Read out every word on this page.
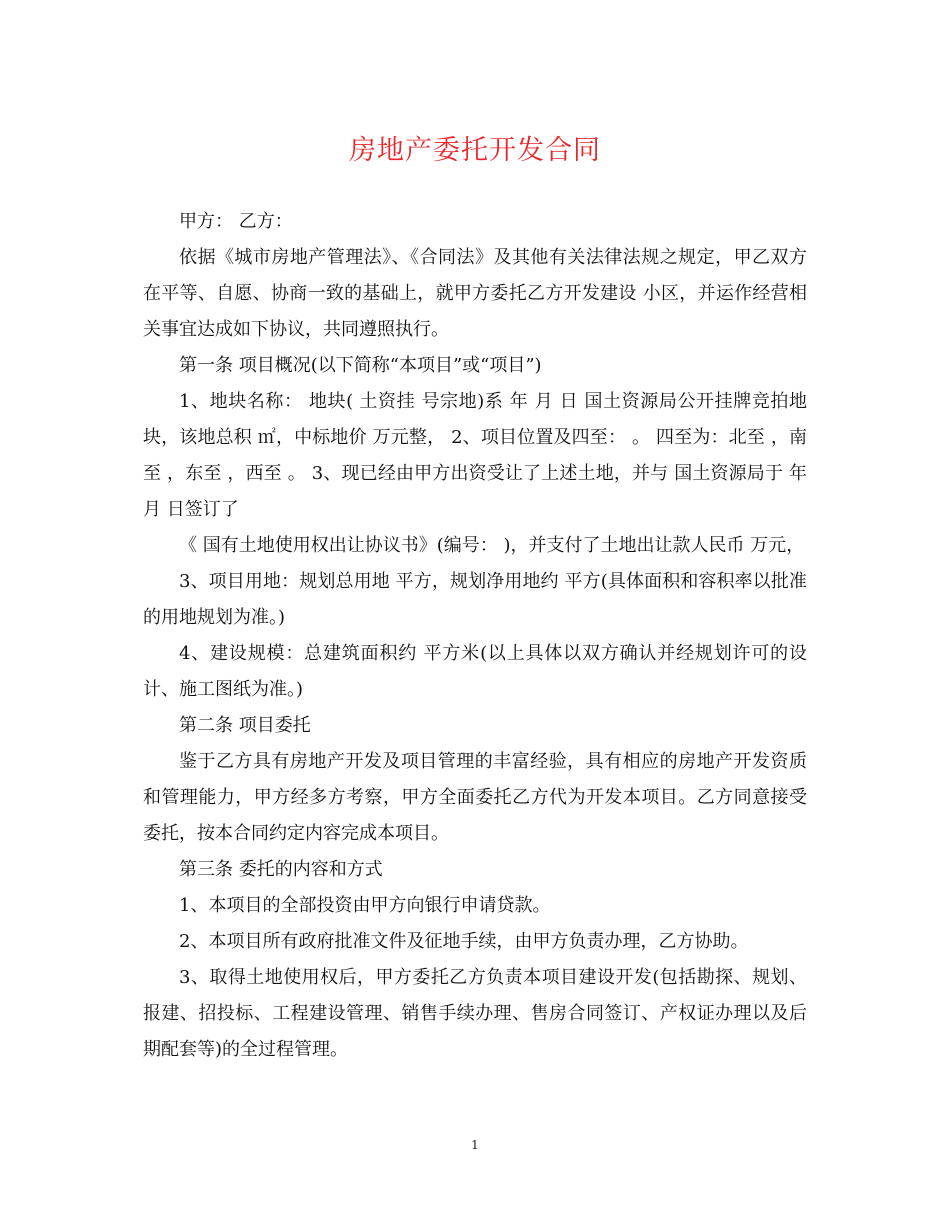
房地产委托开发合同

甲方： 乙方：

依据《城市房地产管理法》、《合同法》及其他有关法律法规之规定，甲乙双方在平等、自愿、协商一致的基础上，就甲方委托乙方开发建设 小区，并运作经营相关事宜达成如下协议，共同遵照执行。

第一条 项目概况(以下简称“本项目”或“项目”)

1、地块名称： 地块( 土资挂 号宗地)系 年 月 日 国土资源局公开挂牌竞拍地块，该地总积 ㎡，中标地价 万元整， 2、项目位置及四至： 。 四至为：北至 ，南至 ，东至 ，西至 。 3、现已经由甲方出资受让了上述土地，并与 国土资源局于 年 月 日签订了

《 国有土地使用权出让协议书》(编号： )，并支付了土地出让款人民币 万元，

3、项目用地：规划总用地 平方，规划净用地约 平方(具体面积和容积率以批准的用地规划为准。)

4、建设规模：总建筑面积约 平方米(以上具体以双方确认并经规划许可的设计、施工图纸为准。)

第二条 项目委托

鉴于乙方具有房地产开发及项目管理的丰富经验，具有相应的房地产开发资质和管理能力，甲方经多方考察，甲方全面委托乙方代为开发本项目。乙方同意接受委托，按本合同约定内容完成本项目。

第三条 委托的内容和方式

1、本项目的全部投资由甲方向银行申请贷款。

2、本项目所有政府批准文件及征地手续，由甲方负责办理，乙方协助。

3、取得土地使用权后，甲方委托乙方负责本项目建设开发(包括勘探、规划、报建、招投标、工程建设管理、销售手续办理、售房合同签订、产权证办理以及后期配套等)的全过程管理。

1
